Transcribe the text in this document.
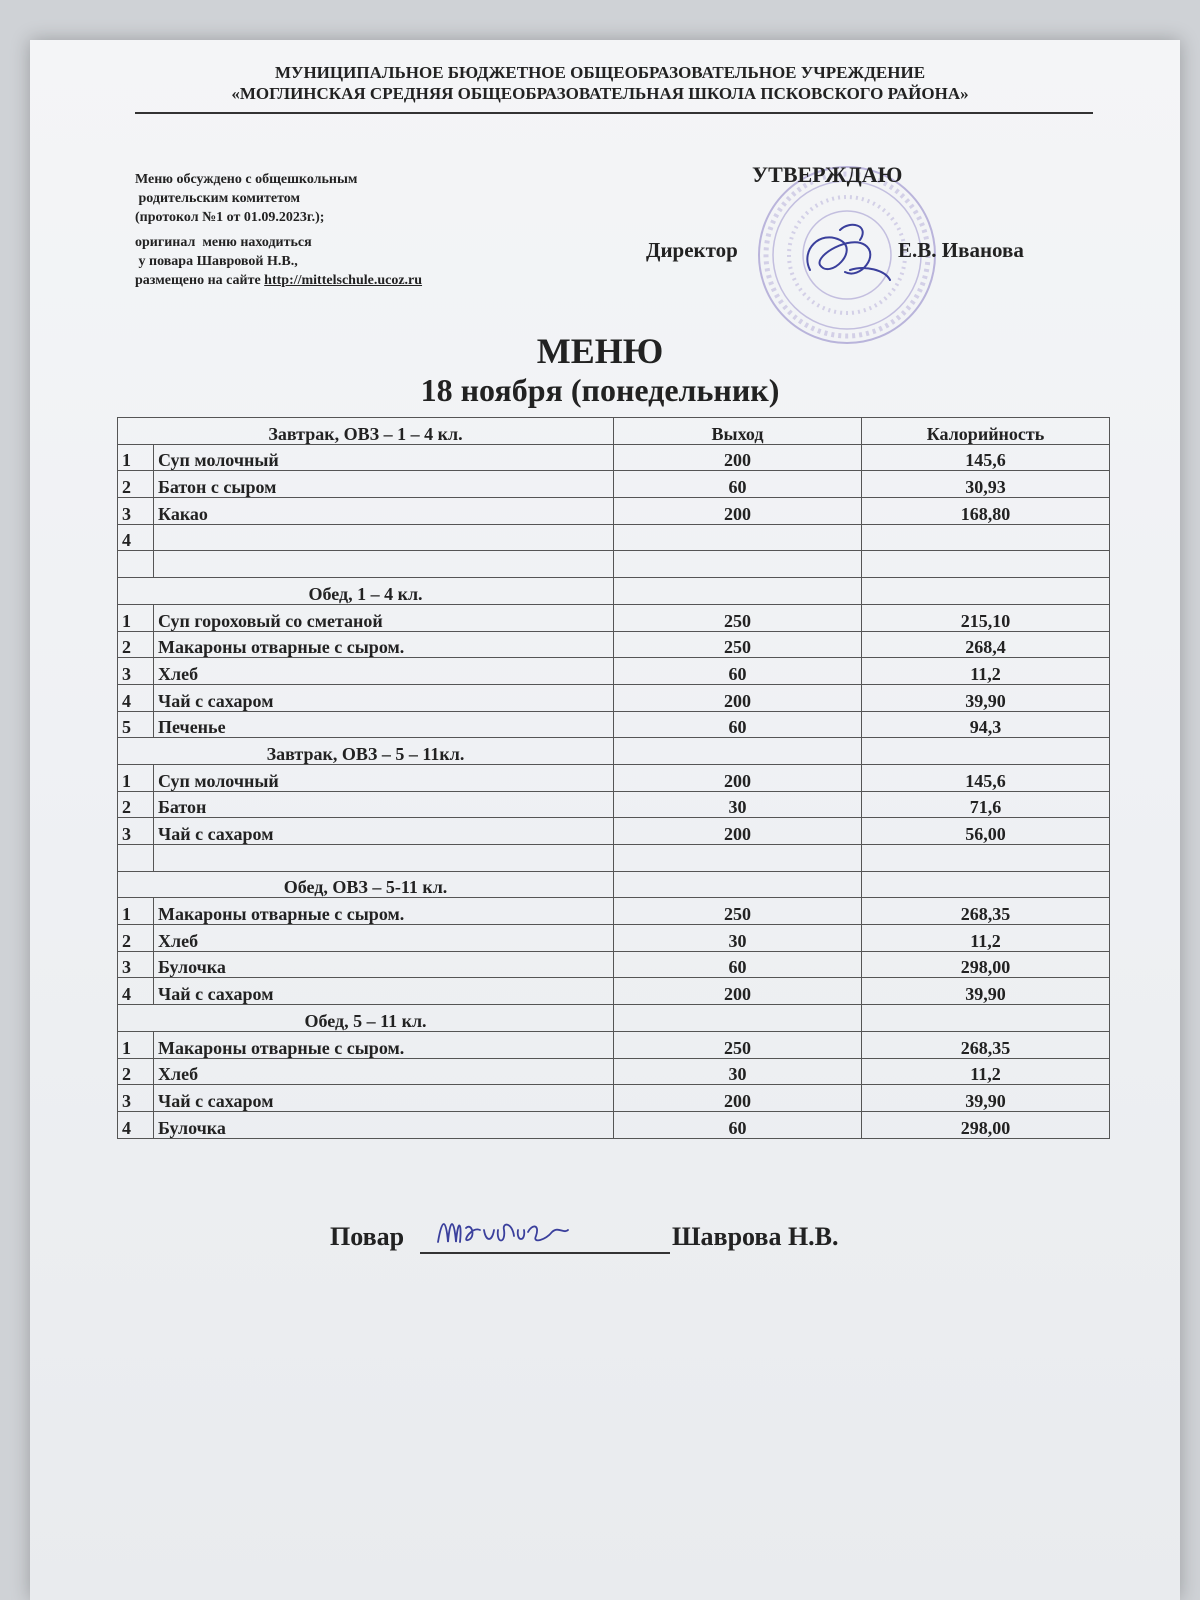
МУНИЦИПАЛЬНОЕ БЮДЖЕТНОЕ ОБЩЕОБРАЗОВАТЕЛЬНОЕ УЧРЕЖДЕНИЕ
«МОГЛИНСКАЯ СРЕДНЯЯ ОБЩЕОБРАЗОВАТЕЛЬНАЯ ШКОЛА ПСКОВСКОГО РАЙОНА»
Меню обсуждено с общешкольным
родительским комитетом
(протокол №1 от 01.09.2023г.);

оригинал  меню находиться
у повара Шавровой Н.В.,
размещено на сайте http://mittelschule.ucoz.ru
УТВЕРЖДАЮ
Директор	Е.В. Иванова
МЕНЮ
18 ноября (понедельник)
Завтрак, ОВЗ – 1 – 4 кл.		Выход	Калорийность
1	Суп молочный	200	145,6
2	Батон с сыром	60	30,93
3	Какао	200	168,80
4			

Обед, 1 – 4 кл.			
1	Суп гороховый со сметаной	250	215,10
2	Макароны отварные с сыром.	250	268,4
3	Хлеб	60	11,2
4	Чай с сахаром	200	39,90
5	Печенье	60	94,3
Завтрак, ОВЗ – 5 – 11кл.			
1	Суп молочный	200	145,6
2	Батон	30	71,6
3	Чай с сахаром	200	56,00

Обед, ОВЗ – 5-11 кл.			
1	Макароны отварные с сыром.	250	268,35
2	Хлеб	30	11,2
3	Булочка	60	298,00
4	Чай с сахаром	200	39,90
Обед, 5 – 11 кл.			
1	Макароны отварные с сыром.	250	268,35
2	Хлеб	30	11,2
3	Чай с сахаром	200	39,90
4	Булочка	60	298,00
Повар	Шаврова Н.В.
